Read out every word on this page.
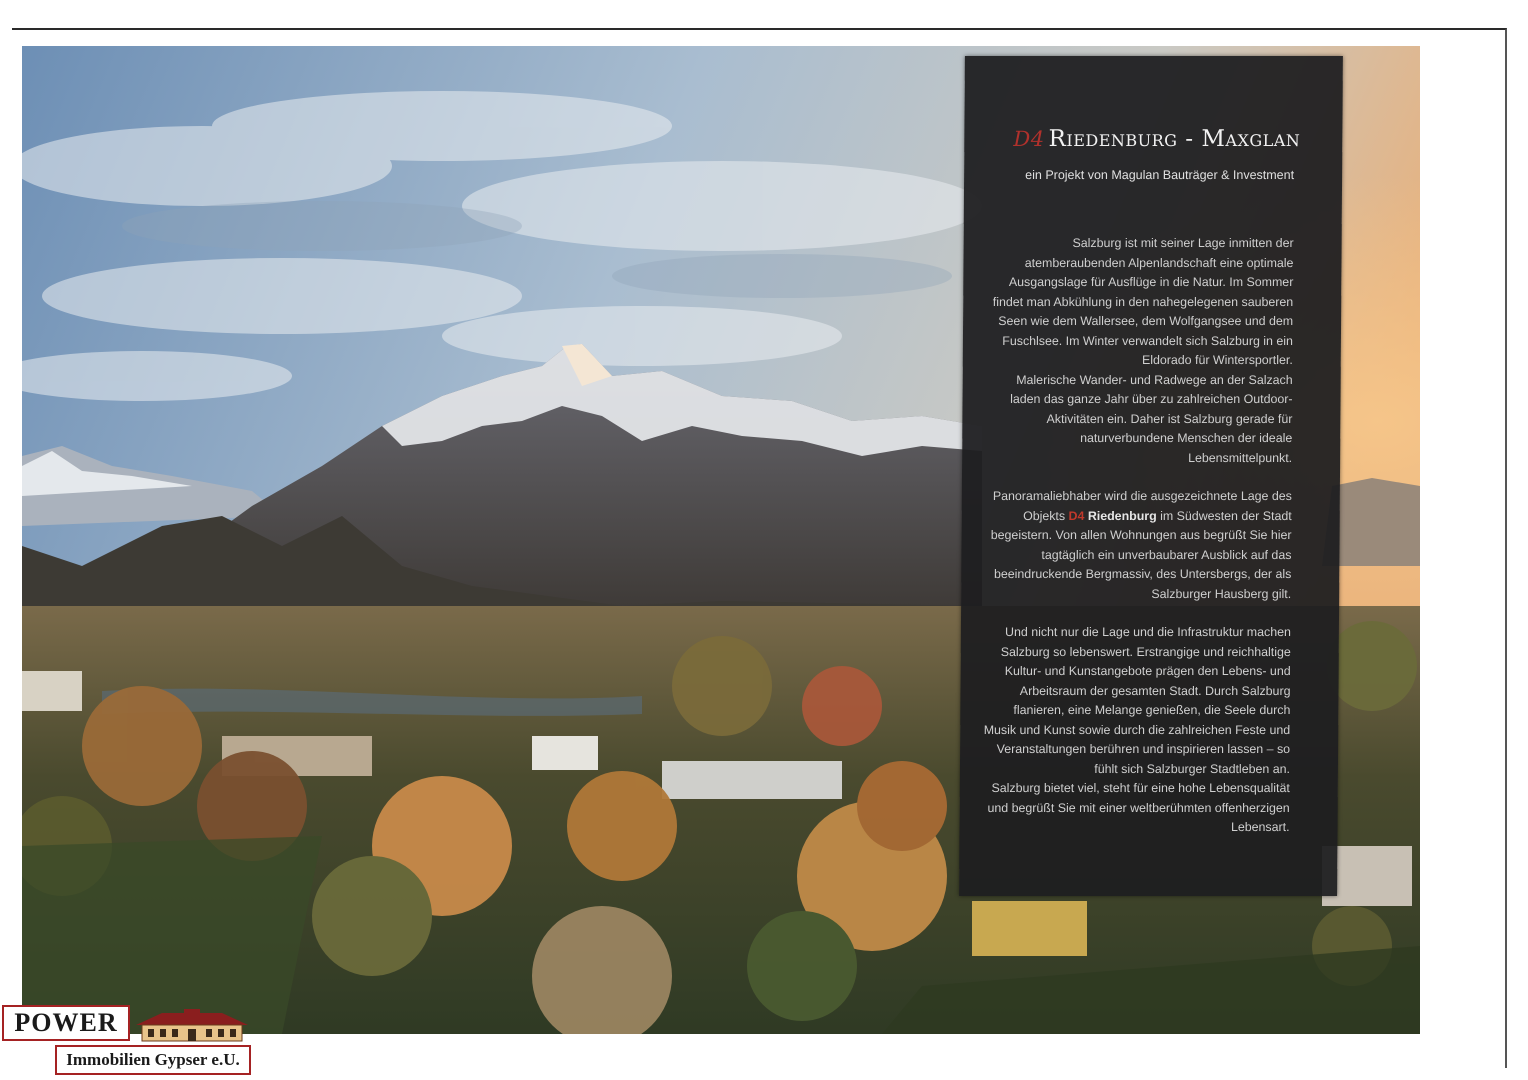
D4 Riedenburg - Maxglan
ein Projekt von Magulan Bauträger & Investment

Salzburg ist mit seiner Lage inmitten der atemberaubenden Alpenlandschaft eine optimale Ausgangslage für Ausflüge in die Natur. Im Sommer findet man Abkühlung in den nahegelegenen sauberen Seen wie dem Wallersee, dem Wolfgangsee und dem Fuschlsee. Im Winter verwandelt sich Salzburg in ein Eldorado für Wintersportler.

Malerische Wander- und Radwege an der Salzach laden das ganze Jahr über zu zahlreichen Outdoor-Aktivitäten ein. Daher ist Salzburg gerade für naturverbundene Menschen der ideale Lebensmittelpunkt.

Panoramaliebhaber wird die ausgezeichnete Lage des Objekts D4 Riedenburg im Südwesten der Stadt begeistern. Von allen Wohnungen aus begrüßt Sie hier tagtäglich ein unverbaubarer Ausblick auf das beeindruckende Bergmassiv, des Untersbergs, der als Salzburger Hausberg gilt.

Und nicht nur die Lage und die Infrastruktur machen Salzburg so lebenswert. Erstrangige und reichhaltige Kultur- und Kunstangebote prägen den Lebens- und Arbeitsraum der gesamten Stadt. Durch Salzburg flanieren, eine Melange genießen, die Seele durch Musik und Kunst sowie durch die zahlreichen Feste und Veranstaltungen berühren und inspirieren lassen – so fühlt sich Salzburger Stadtleben an.

Salzburg bietet viel, steht für eine hohe Lebensqualität und begrüßt Sie mit einer weltberühmten offenherzigen Lebensart.

POWER
Immobilien Gypser e.U.
